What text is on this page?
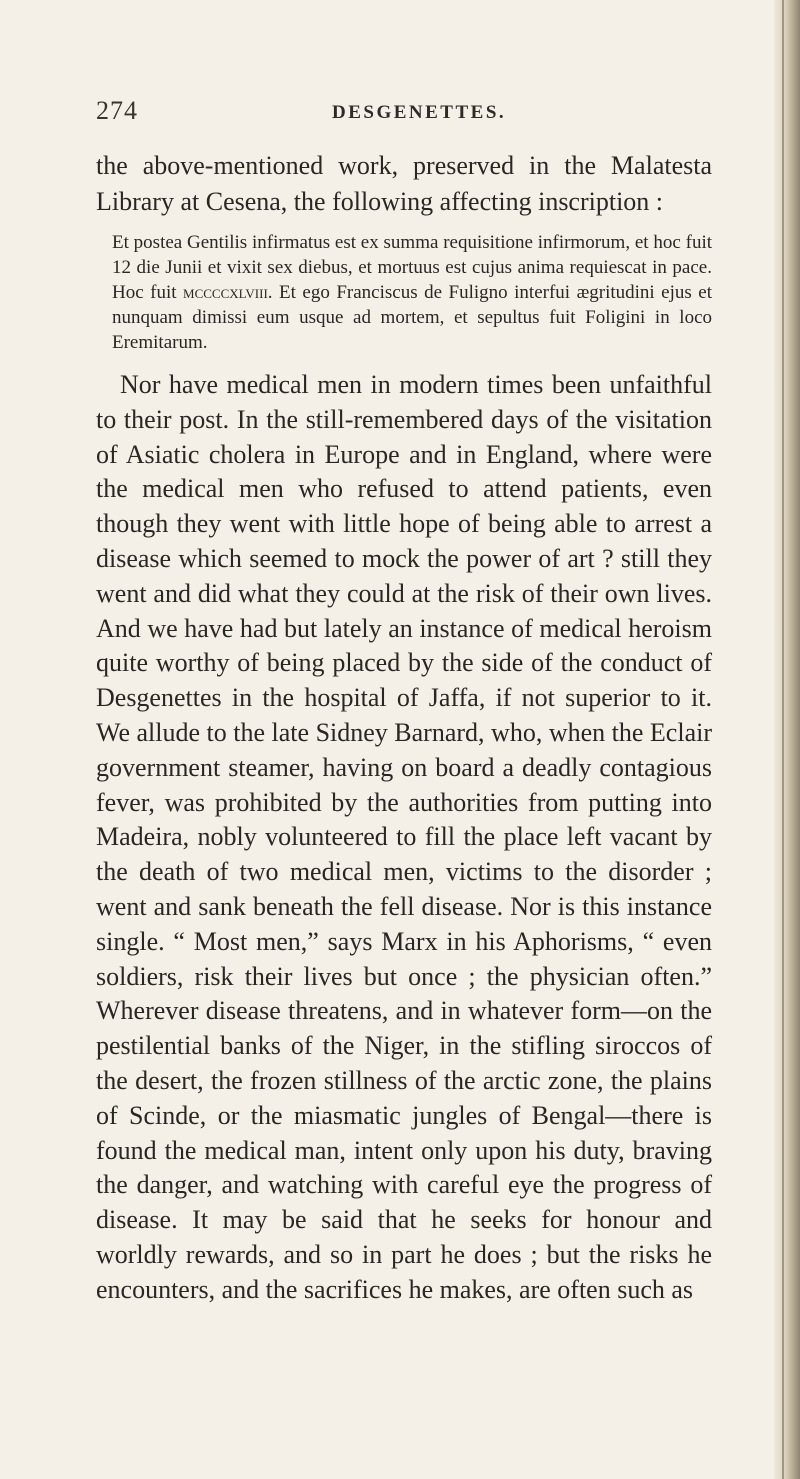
274	DESGENETTES.

the above-mentioned work, preserved in the Malatesta Library at Cesena, the following affecting inscription :

Et postea Gentilis infirmatus est ex summa requisitione infirmorum, et hoc fuit 12 die Junii et vixit sex diebus, et mortuus est cujus anima requiescat in pace. Hoc fuit mccccxlviii. Et ego Franciscus de Fuligno interfui ægritudini ejus et nunquam dimissi eum usque ad mortem, et sepultus fuit Foligini in loco Eremitarum.

Nor have medical men in modern times been unfaithful to their post. In the still-remembered days of the visitation of Asiatic cholera in Europe and in England, where were the medical men who refused to attend patients, even though they went with little hope of being able to arrest a disease which seemed to mock the power of art ? still they went and did what they could at the risk of their own lives. And we have had but lately an instance of medical heroism quite worthy of being placed by the side of the conduct of Desgenettes in the hospital of Jaffa, if not superior to it. We allude to the late Sidney Barnard, who, when the Eclair government steamer, having on board a deadly contagious fever, was prohibited by the authorities from putting into Madeira, nobly volunteered to fill the place left vacant by the death of two medical men, victims to the disorder ; went and sank beneath the fell disease. Nor is this instance single. “ Most men,” says Marx in his Aphorisms, “ even soldiers, risk their lives but once ; the physician often.” Wherever disease threatens, and in whatever form—on the pestilential banks of the Niger, in the stifling siroccos of the desert, the frozen stillness of the arctic zone, the plains of Scinde, or the miasmatic jungles of Bengal—there is found the medical man, intent only upon his duty, braving the danger, and watching with careful eye the progress of disease. It may be said that he seeks for honour and worldly rewards, and so in part he does ; but the risks he encounters, and the sacrifices he makes, are often such as
